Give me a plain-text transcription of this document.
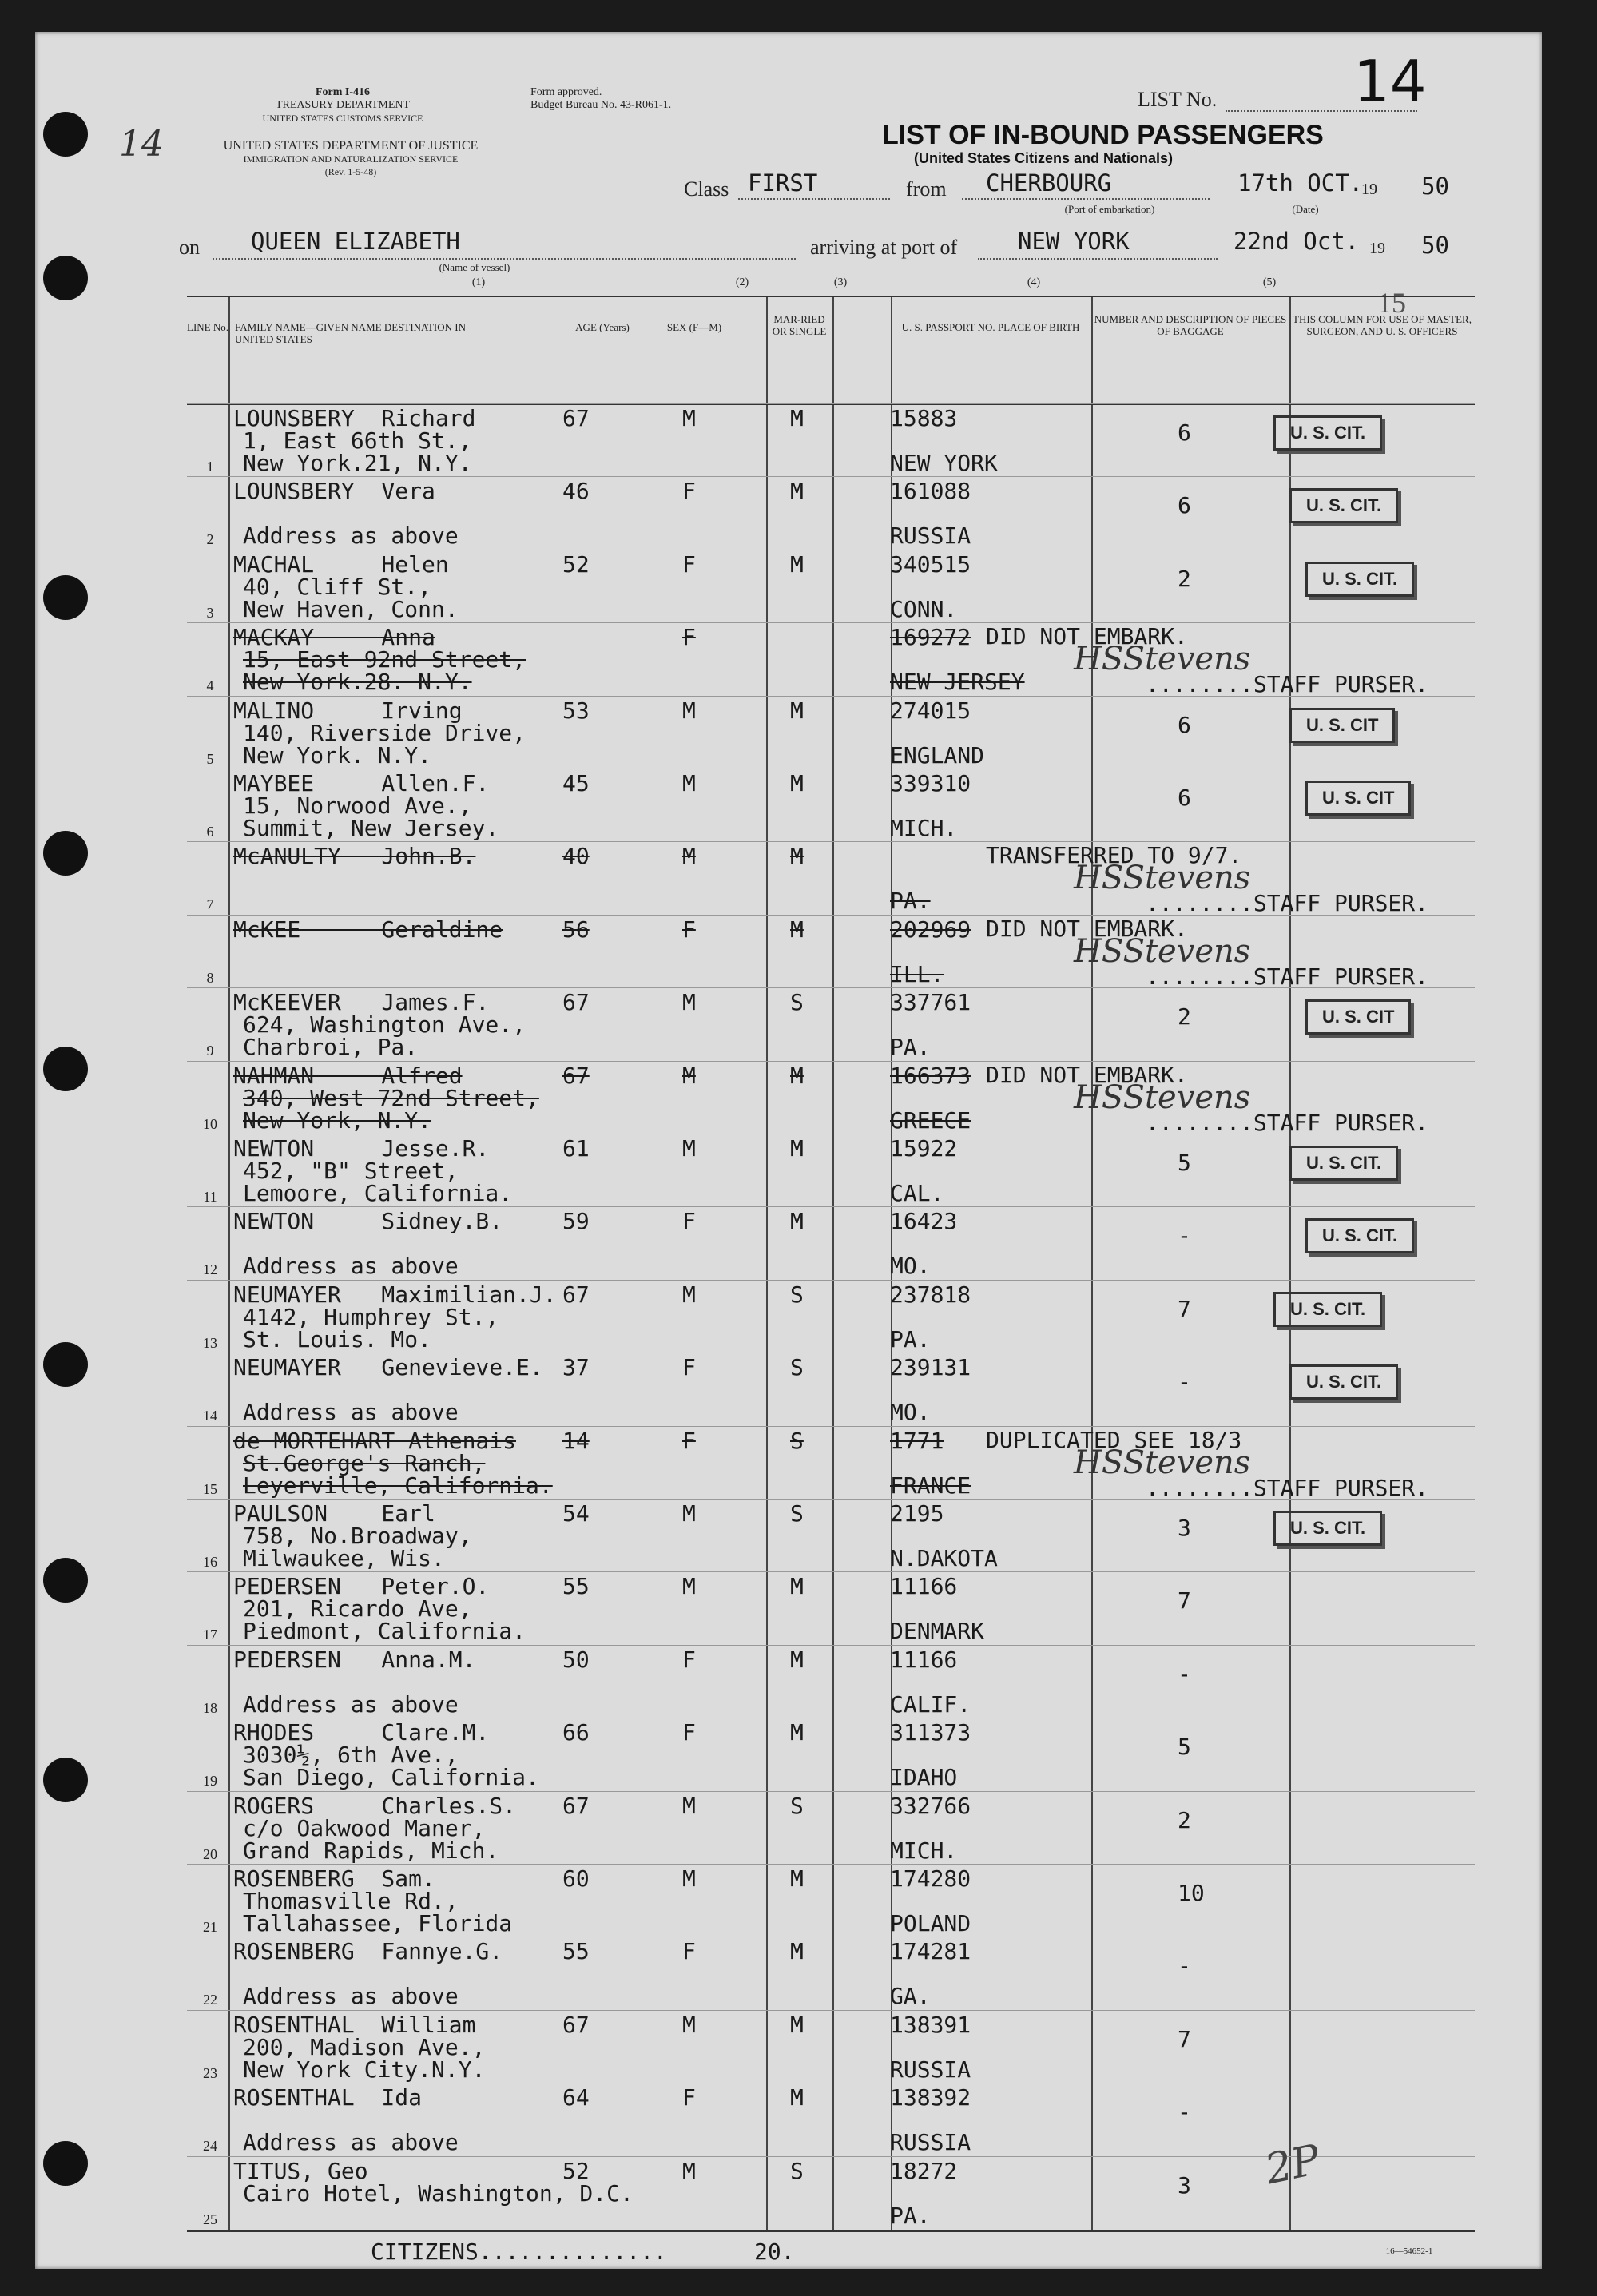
14
Form I-416
TREASURY DEPARTMENT
UNITED STATES CUSTOMS SERVICE
Form approved.
Budget Bureau No. 43-R061-1.
UNITED STATES DEPARTMENT OF JUSTICE
IMMIGRATION AND NATURALIZATION SERVICE
(Rev. 1-5-48)
LIST No. 14
LIST OF IN-BOUND PASSENGERS
(United States Citizens and Nationals)
Class FIRST	from CHERBOURG
(Port of embarkation)
17th OCT.
19 50
(Date)
on QUEEN ELIZABETH
(Name of vessel)
arriving at port of	NEW YORK	22nd Oct. 19 50
(1)	(2)	(3)	(4)	(5)
15
LINE No. FAMILY NAME—GIVEN NAME DESTINATION IN UNITED STATES
AGE (Years)	SEX (F—M)
MAR-RIED OR SINGLE	U. S. PASSPORT NO. PLACE OF BIRTH
NUMBER AND DESCRIPTION OF PIECES OF BAGGAGE
THIS COLUMN FOR USE OF MASTER, SURGEON, AND U. S. OFFICERS
1
LOUNSBERY  Richard
1, East 66th St.,
New York.21, N.Y.
67	M	M	15883
NEW YORK
6	U. S. CIT.
2
LOUNSBERY  Vera
Address as above
46	F	M	161088
RUSSIA
6	U. S. CIT.
3
MACHAL     Helen
40, Cliff St.,
New Haven, Conn.
52	F	M	340515
CONN.
2	U. S. CIT.
4
MACKAY     Anna
15, East 92nd Street,
New York.28. N.Y.
F	169272
NEW JERSEY
DID NOT EMBARK.
HSStevens
........STAFF PURSER.
5
MALINO     Irving
140, Riverside Drive,
New York. N.Y.
53	M	M	274015
ENGLAND
6	U. S. CIT
6
MAYBEE     Allen.F.
15, Norwood Ave.,
Summit, New Jersey.
45	M	M	339310
MICH.
6	U. S. CIT
7
McANULTY   John.B.	40	M	M
PA.
TRANSFERRED TO 9/7.
HSStevens
........STAFF PURSER.
8
McKEE      Geraldine	56	F	M	202969
ILL.
DID NOT EMBARK.
HSStevens
........STAFF PURSER.
9
McKEEVER   James.F.
624, Washington Ave.,
Charbroi, Pa.
67	M	S	337761
PA.
2	U. S. CIT
10
NAHMAN     Alfred
340, West 72nd Street,
New York, N.Y.
67	M	M	166373
GREECE
DID NOT EMBARK.
HSStevens
........STAFF PURSER.
11
NEWTON     Jesse.R.
452, "B" Street,
Lemoore, California.
61	M	M	15922
CAL.
5	U. S. CIT.
12
NEWTON     Sidney.B.
Address as above
59	F	M	16423
MO.
-	U. S. CIT.
13
NEUMAYER   Maximilian.J.
4142, Humphrey St.,
St. Louis. Mo.
67	M	S	237818
PA.
7	U. S. CIT.
14
NEUMAYER   Genevieve.E.
Address as above
37	F	S	239131
MO.
-	U. S. CIT.
15
de MORTEHART Athenais
St.George's Ranch,
Leyerville, California.
14	F	S	1771
FRANCE
DUPLICATED SEE 18/3
HSStevens
........STAFF PURSER.
16
PAULSON    Earl
758, No.Broadway,
Milwaukee, Wis.
54	M	S	2195
N.DAKOTA
3	U. S. CIT.
17
PEDERSEN   Peter.O.
201, Ricardo Ave,
Piedmont, California.
55	M	M	11166
DENMARK
7
18
PEDERSEN   Anna.M.
Address as above
50	F	M	11166
CALIF.
-
19
RHODES     Clare.M.
3030½, 6th Ave.,
San Diego, California.
66	F	M	311373
IDAHO
5
20
ROGERS     Charles.S.
c/o Oakwood Maner,
Grand Rapids, Mich.
67	M	S	332766
MICH.
2
21
ROSENBERG  Sam.
Thomasville Rd.,
Tallahassee, Florida
60	M	M	174280
POLAND
10
22
ROSENBERG  Fannye.G.
Address as above
55	F	M	174281
GA.
-
23
ROSENTHAL  William
200, Madison Ave.,
New York City.N.Y.
67	M	M	138391
RUSSIA
7
24
ROSENTHAL  Ida
Address as above
64	F	M	138392
RUSSIA
-
25
TITUS, Geo
Cairo Hotel, Washington, D.C.
52	M	S	18272
PA.
3
CITIZENS..............	20.	16—54652-1
2P
